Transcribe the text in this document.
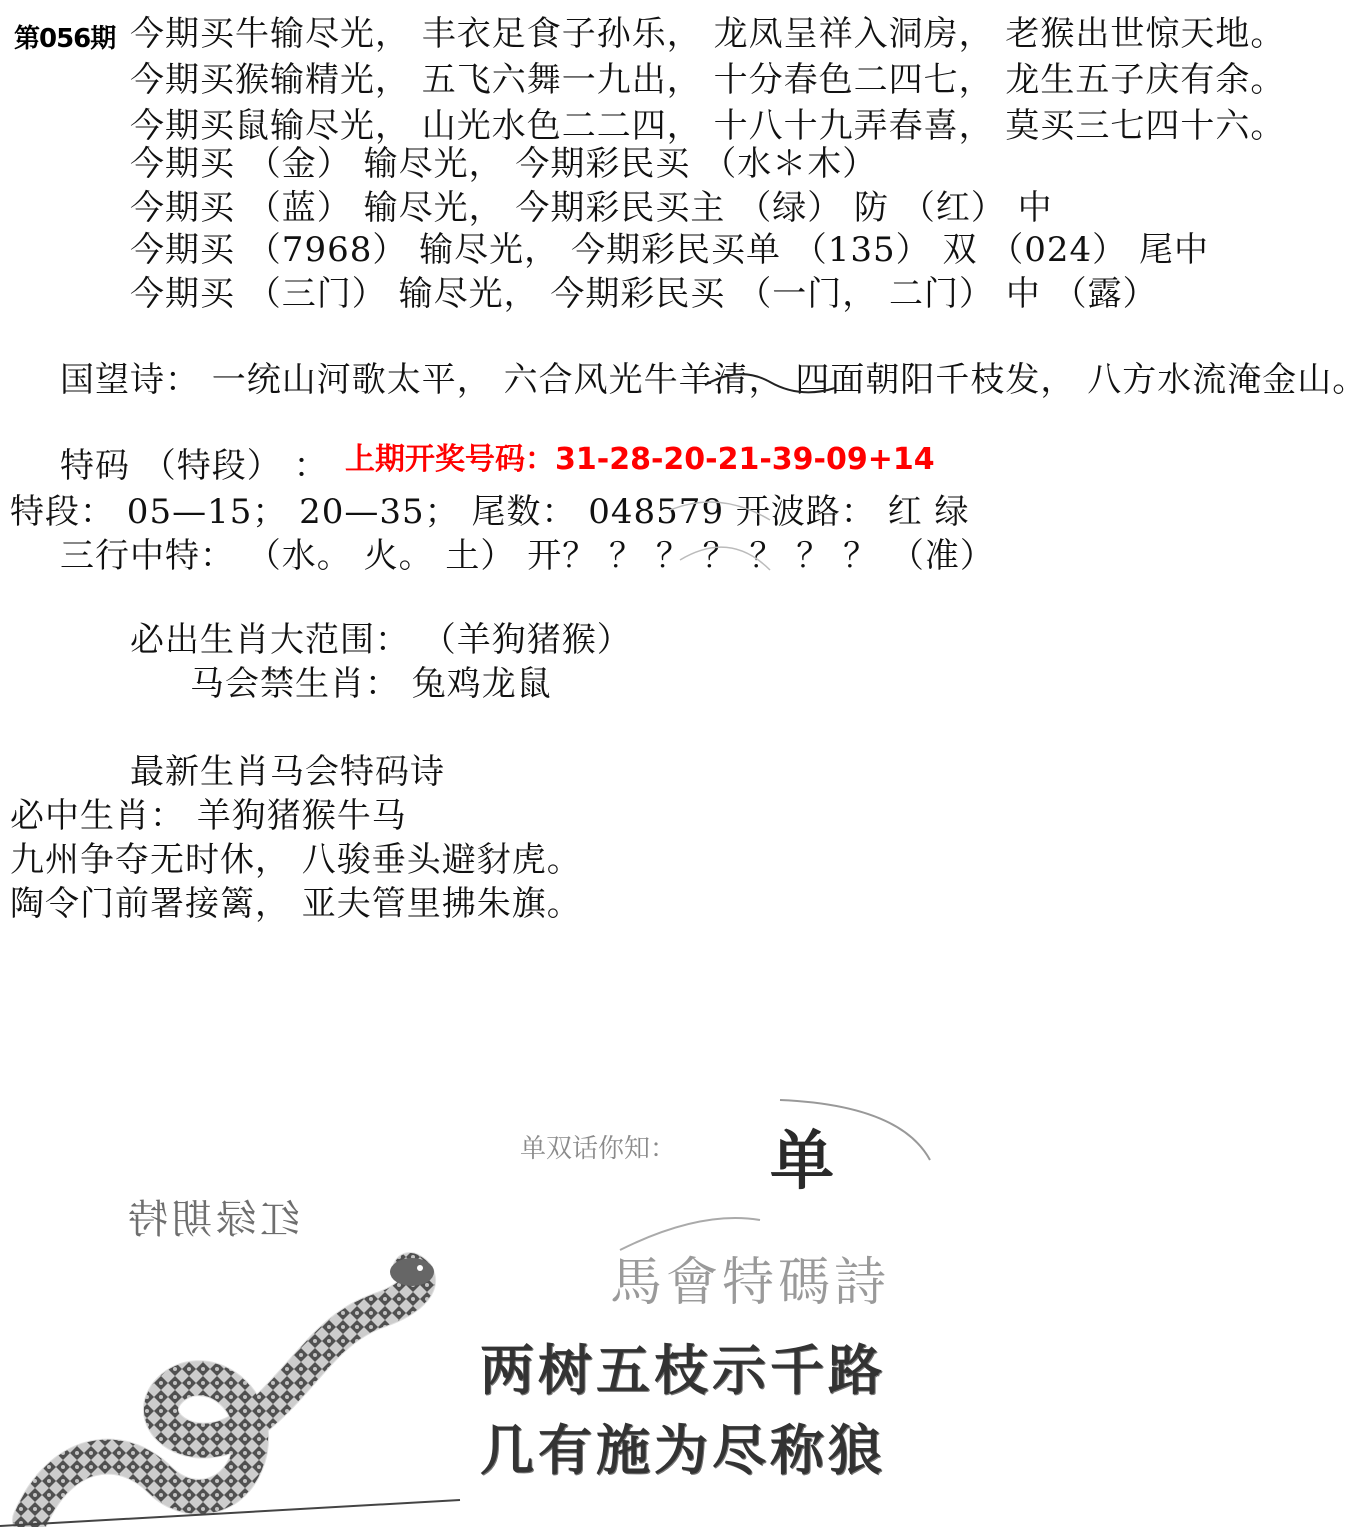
第056期 今期买牛输尽光， 丰衣足食子孙乐， 龙凤呈祥入洞房， 老猴出世惊天地。
今期买猴输精光， 五飞六舞一九出， 十分春色二四七， 龙生五子庆有余。
今期买鼠输尽光， 山光水色二二四， 十八十九弄春喜， 莫买三七四十六。
今期买 （金） 输尽光， 今期彩民买 （水＊木）
今期买 （蓝） 输尽光， 今期彩民买主 （绿） 防 （红） 中
今期买 （7968） 输尽光， 今期彩民买单 （135） 双 （024） 尾中
今期买 （三门） 输尽光， 今期彩民买 （一门， 二门） 中 （露）
国望诗： 一统山河歌太平， 六合风光牛羊清， 四面朝阳千枝发， 八方水流淹金山。
特码 （特段） ： 上期开奖号码：31-28-20-21-39-09+14
特段： 05—15； 20—35； 尾数： 048579 开波路： 红 绿
三行中特： （水。 火。 土） 开？ ？ ？ ？ ？ ？ ？ （准）
必出生肖大范围： （羊狗猪猴）
马会禁生肖： 兔鸡龙鼠
最新生肖马会特码诗
必中生肖： 羊狗猪猴牛马
九州争夺无时休， 八骏垂头避豺虎。
陶令门前署接篱， 亚夫管里拂朱旗。
单双话你知： 单
红绿期特
馬會特碼詩
两树五枝示千路
几有施为尽称狼
